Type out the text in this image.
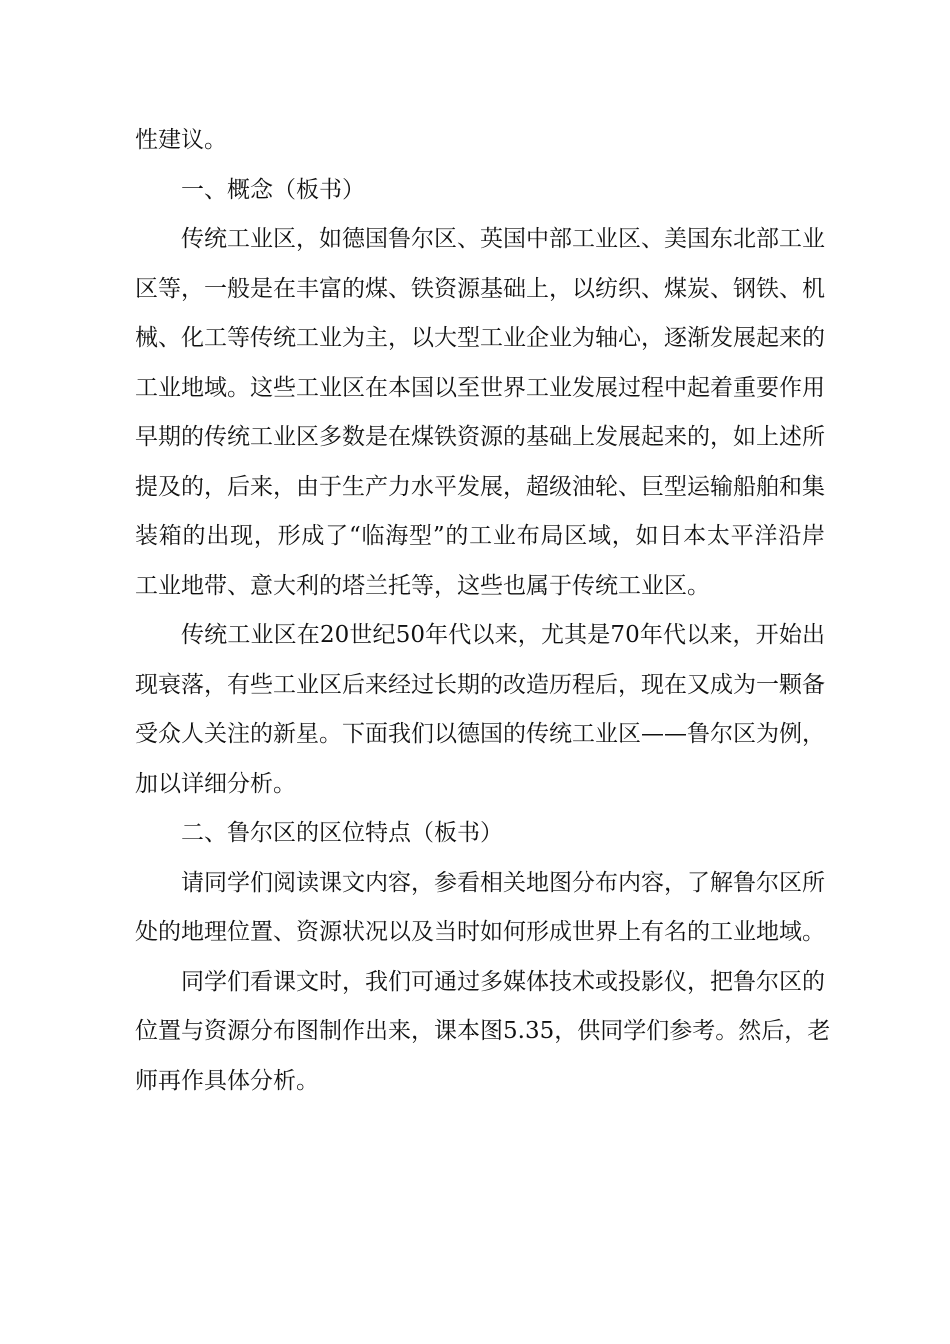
性建议。
一、概念（板书）
传统工业区，如德国鲁尔区、英国中部工业区、美国东北部工业
区等，一般是在丰富的煤、铁资源基础上，以纺织、煤炭、钢铁、机
械、化工等传统工业为主，以大型工业企业为轴心，逐渐发展起来的
工业地域。这些工业区在本国以至世界工业发展过程中起着重要作用
早期的传统工业区多数是在煤铁资源的基础上发展起来的，如上述所
提及的，后来，由于生产力水平发展，超级油轮、巨型运输船舶和集
装箱的出现，形成了“临海型”的工业布局区域，如日本太平洋沿岸
工业地带、意大利的塔兰托等，这些也属于传统工业区。
传统工业区在20世纪50年代以来，尤其是70年代以来，开始出
现衰落，有些工业区后来经过长期的改造历程后，现在又成为一颗备
受众人关注的新星。下面我们以德国的传统工业区——鲁尔区为例，
加以详细分析。
二、鲁尔区的区位特点（板书）
请同学们阅读课文内容，参看相关地图分布内容，了解鲁尔区所
处的地理位置、资源状况以及当时如何形成世界上有名的工业地域。
同学们看课文时，我们可通过多媒体技术或投影仪，把鲁尔区的
位置与资源分布图制作出来，课本图5.35，供同学们参考。然后，老
师再作具体分析。
